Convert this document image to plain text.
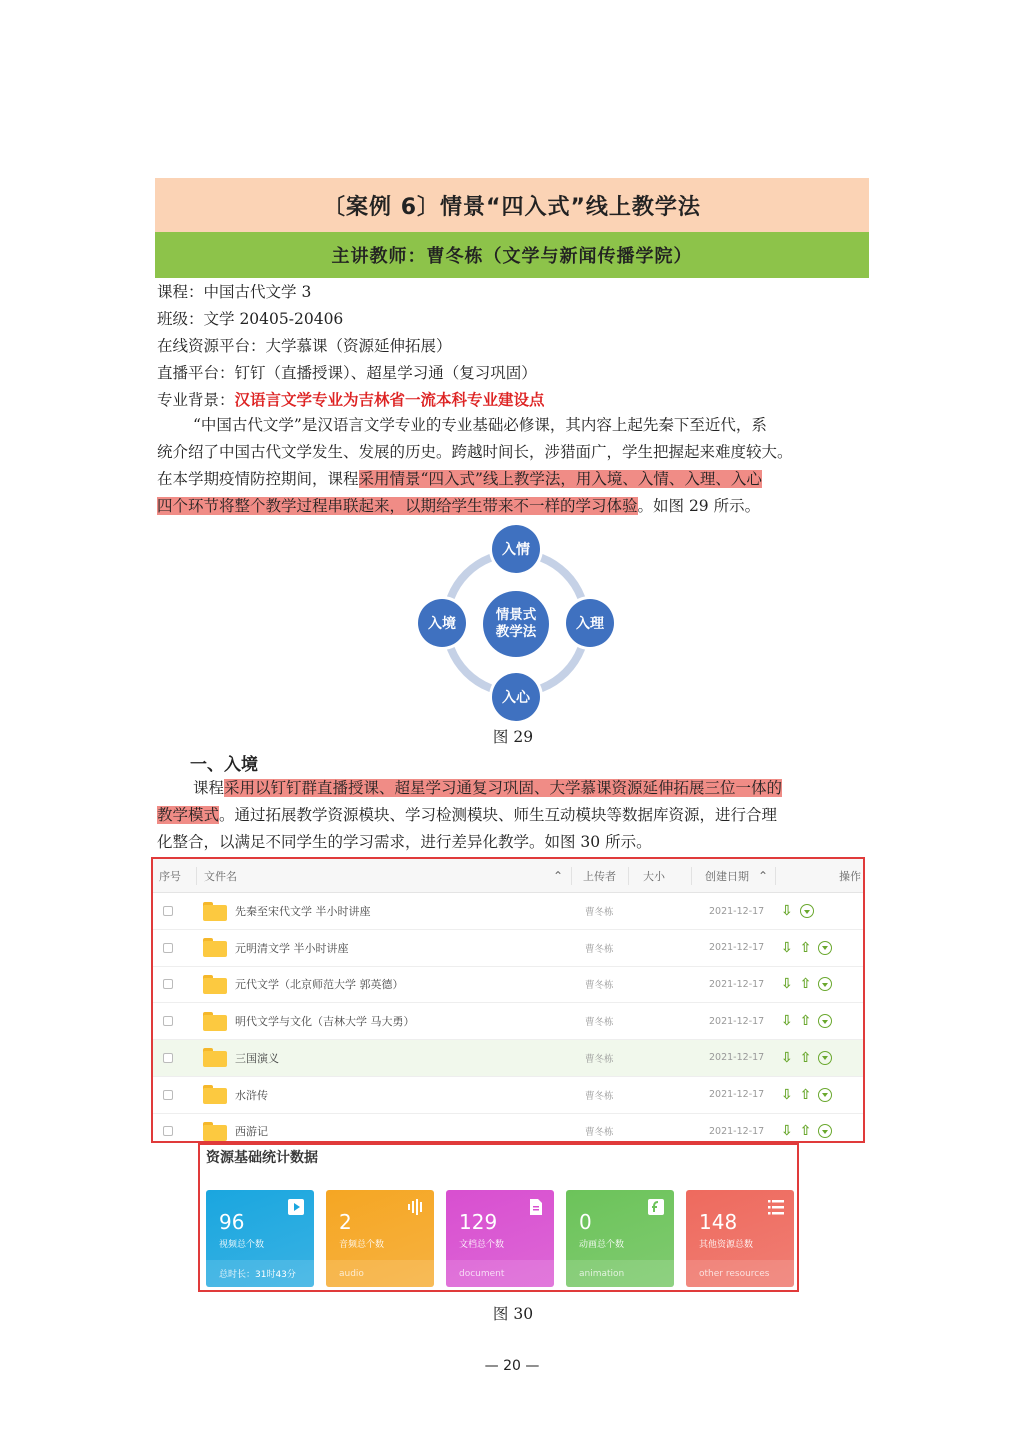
〔案例 6〕情景“四入式”线上教学法
主讲教师：曹冬栋（文学与新闻传播学院）
课程：中国古代文学 3
班级：文学 20405-20406
在线资源平台：大学慕课（资源延伸拓展）
直播平台：钉钉（直播授课）、超星学习通（复习巩固）
专业背景：汉语言文学专业为吉林省一流本科专业建设点

“中国古代文学”是汉语言文学专业的专业基础必修课，其内容上起先秦下至近代，系

统介绍了中国古代文学发生、发展的历史。跨越时间长，涉猎面广，学生把握起来难度较大。

在本学期疫情防控期间，课程采用情景“四入式”线上教学法，用入境、入情、入理、入心

四个环节将整个教学过程串联起来，以期给学生带来不一样的学习体验。如图 29 所示。

入情
入境	入理
入心
情景式
教学法
图 29
一、入境

课程采用以钉钉群直播授课、超星学习通复习巩固、大学慕课资源延伸拓展三位一体的

教学模式。通过拓展教学资源模块、学习检测模块、师生互动模块等数据库资源，进行合理

化整合，以满足不同学生的学习需求，进行差异化教学。如图 30 所示。

序号 文件名	⌃ 上传者 大小	创建日期 ⌃	操作
先秦至宋代文学 半小时讲座	曹冬栋	2021-12-17 ⇩
元明清文学 半小时讲座	曹冬栋	2021-12-17 ⇩ ⇧
元代文学（北京师范大学 郭英德）	曹冬栋	2021-12-17 ⇩ ⇧
明代文学与文化（吉林大学 马大勇）	曹冬栋	2021-12-17 ⇩ ⇧
三国演义	曹冬栋	2021-12-17 ⇩ ⇧
水浒传	曹冬栋	2021-12-17 ⇩ ⇧
西游记	曹冬栋	2021-12-17 ⇩ ⇧
资源基础统计数据
96
视频总个数
总时长：31时43分
2
音频总个数
audio
129
文档总个数
document
0
动画总个数
animation
148
其他资源总数
other resources
图 30
— 20 —
